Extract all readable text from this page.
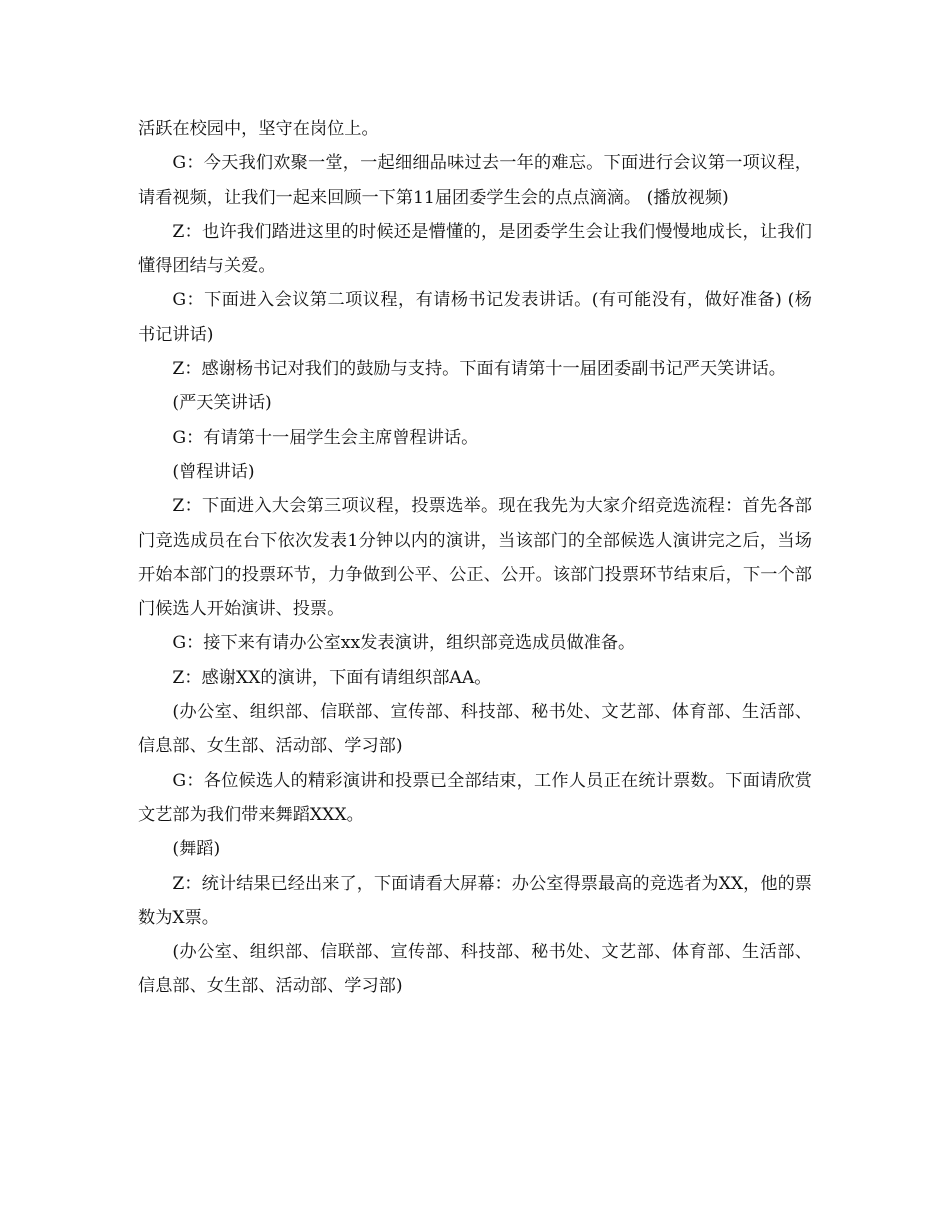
活跃在校园中，坚守在岗位上。

G：今天我们欢聚一堂，一起细细品味过去一年的难忘。下面进行会议第一项议程，请看视频，让我们一起来回顾一下第11届团委学生会的点点滴滴。 (播放视频)

Z：也许我们踏进这里的时候还是懵懂的，是团委学生会让我们慢慢地成长，让我们懂得团结与关爱。

G：下面进入会议第二项议程，有请杨书记发表讲话。(有可能没有，做好准备) (杨书记讲话)

Z：感谢杨书记对我们的鼓励与支持。下面有请第十一届团委副书记严天笑讲话。

(严天笑讲话)

G：有请第十一届学生会主席曾程讲话。

(曾程讲话)

Z：下面进入大会第三项议程，投票选举。现在我先为大家介绍竞选流程：首先各部门竞选成员在台下依次发表1分钟以内的演讲，当该部门的全部候选人演讲完之后，当场开始本部门的投票环节，力争做到公平、公正、公开。该部门投票环节结束后，下一个部门候选人开始演讲、投票。

G：接下来有请办公室xx发表演讲，组织部竞选成员做准备。

Z：感谢XX的演讲，下面有请组织部AA。

(办公室、组织部、信联部、宣传部、科技部、秘书处、文艺部、体育部、生活部、信息部、女生部、活动部、学习部)

G：各位候选人的精彩演讲和投票已全部结束，工作人员正在统计票数。下面请欣赏文艺部为我们带来舞蹈XXX。

(舞蹈)

Z：统计结果已经出来了，下面请看大屏幕：办公室得票最高的竞选者为XX，他的票数为X票。

(办公室、组织部、信联部、宣传部、科技部、秘书处、文艺部、体育部、生活部、信息部、女生部、活动部、学习部)
